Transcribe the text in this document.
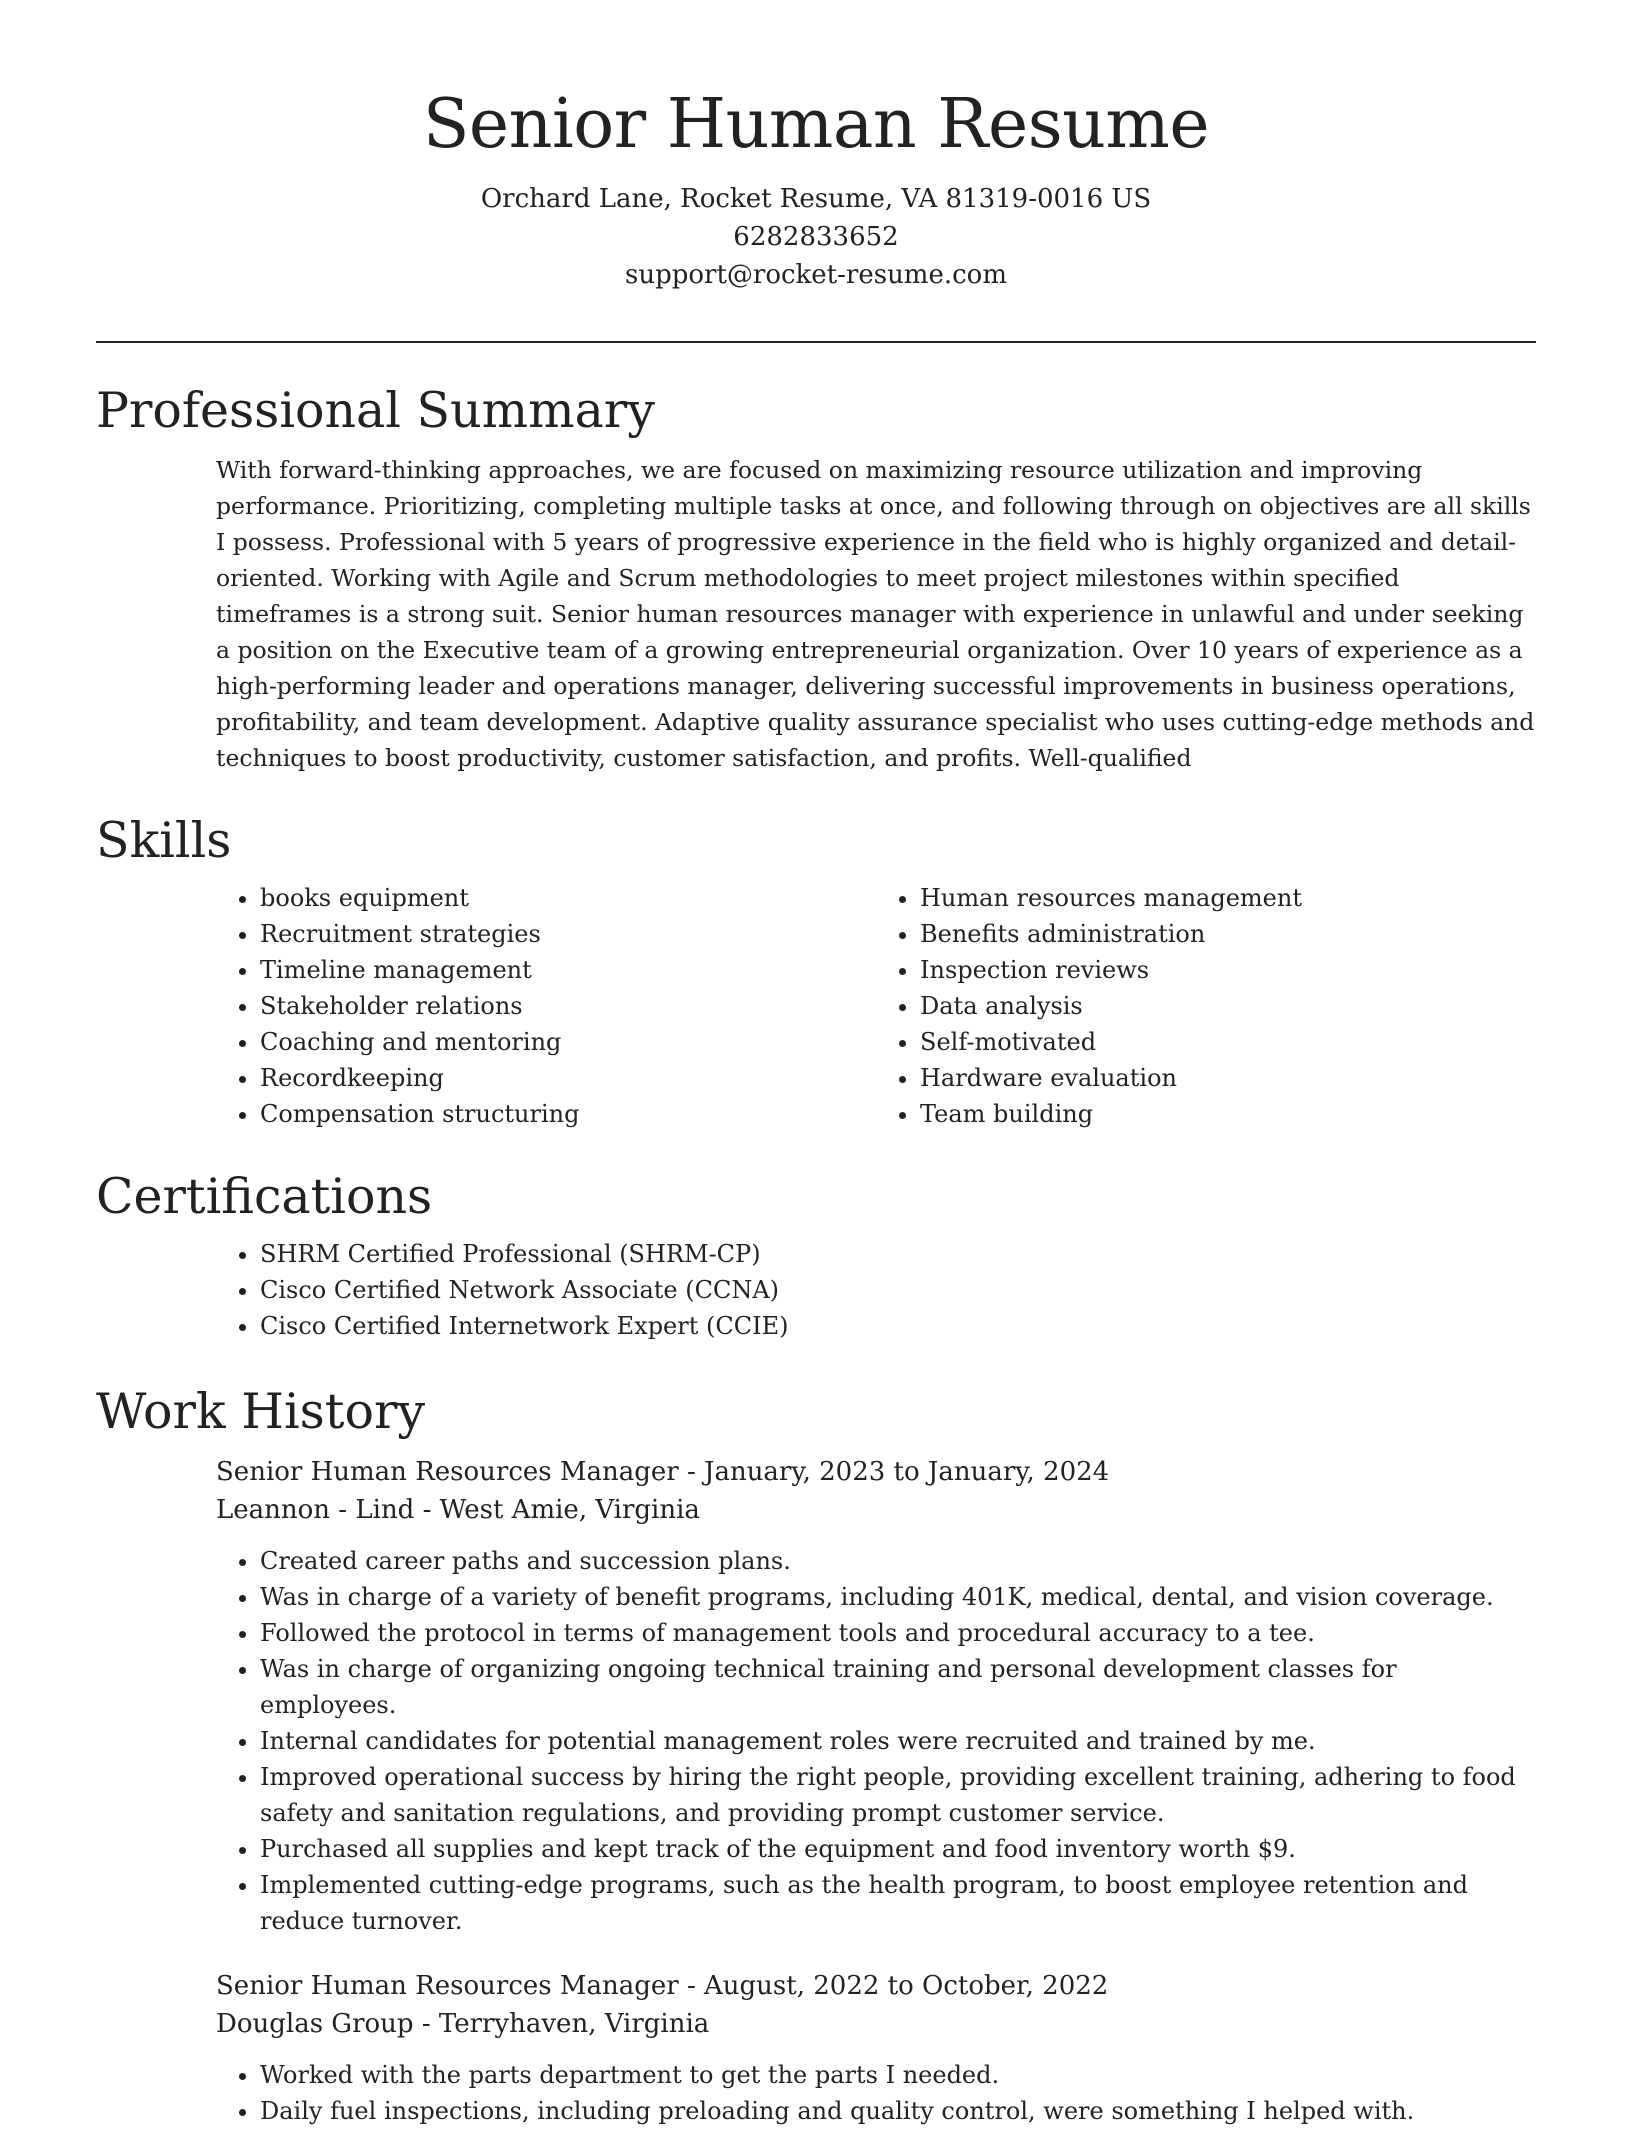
Senior Human Resume
Orchard Lane, Rocket Resume, VA 81319-0016 US
6282833652
support@rocket-resume.com
Professional Summary
With forward-thinking approaches, we are focused on maximizing resource utilization and improving performance. Prioritizing, completing multiple tasks at once, and following through on objectives are all skills I possess. Professional with 5 years of progressive experience in the field who is highly organized and detail-oriented. Working with Agile and Scrum methodologies to meet project milestones within specified timeframes is a strong suit. Senior human resources manager with experience in unlawful and under seeking a position on the Executive team of a growing entrepreneurial organization. Over 10 years of experience as a high-performing leader and operations manager, delivering successful improvements in business operations, profitability, and team development. Adaptive quality assurance specialist who uses cutting-edge methods and techniques to boost productivity, customer satisfaction, and profits. Well-qualified
Skills
• books equipment
• Recruitment strategies
• Timeline management
• Stakeholder relations
• Coaching and mentoring
• Recordkeeping
• Compensation structuring
• Human resources management
• Benefits administration
• Inspection reviews
• Data analysis
• Self-motivated
• Hardware evaluation
• Team building
Certifications
• SHRM Certified Professional (SHRM-CP)
• Cisco Certified Network Associate (CCNA)
• Cisco Certified Internetwork Expert (CCIE)
Work History
Senior Human Resources Manager - January, 2023 to January, 2024
Leannon - Lind - West Amie, Virginia
• Created career paths and succession plans.
• Was in charge of a variety of benefit programs, including 401K, medical, dental, and vision coverage.
• Followed the protocol in terms of management tools and procedural accuracy to a tee.
• Was in charge of organizing ongoing technical training and personal development classes for employees.
• Internal candidates for potential management roles were recruited and trained by me.
• Improved operational success by hiring the right people, providing excellent training, adhering to food safety and sanitation regulations, and providing prompt customer service.
• Purchased all supplies and kept track of the equipment and food inventory worth $9.
• Implemented cutting-edge programs, such as the health program, to boost employee retention and reduce turnover.
Senior Human Resources Manager - August, 2022 to October, 2022
Douglas Group - Terryhaven, Virginia
• Worked with the parts department to get the parts I needed.
• Daily fuel inspections, including preloading and quality control, were something I helped with.
